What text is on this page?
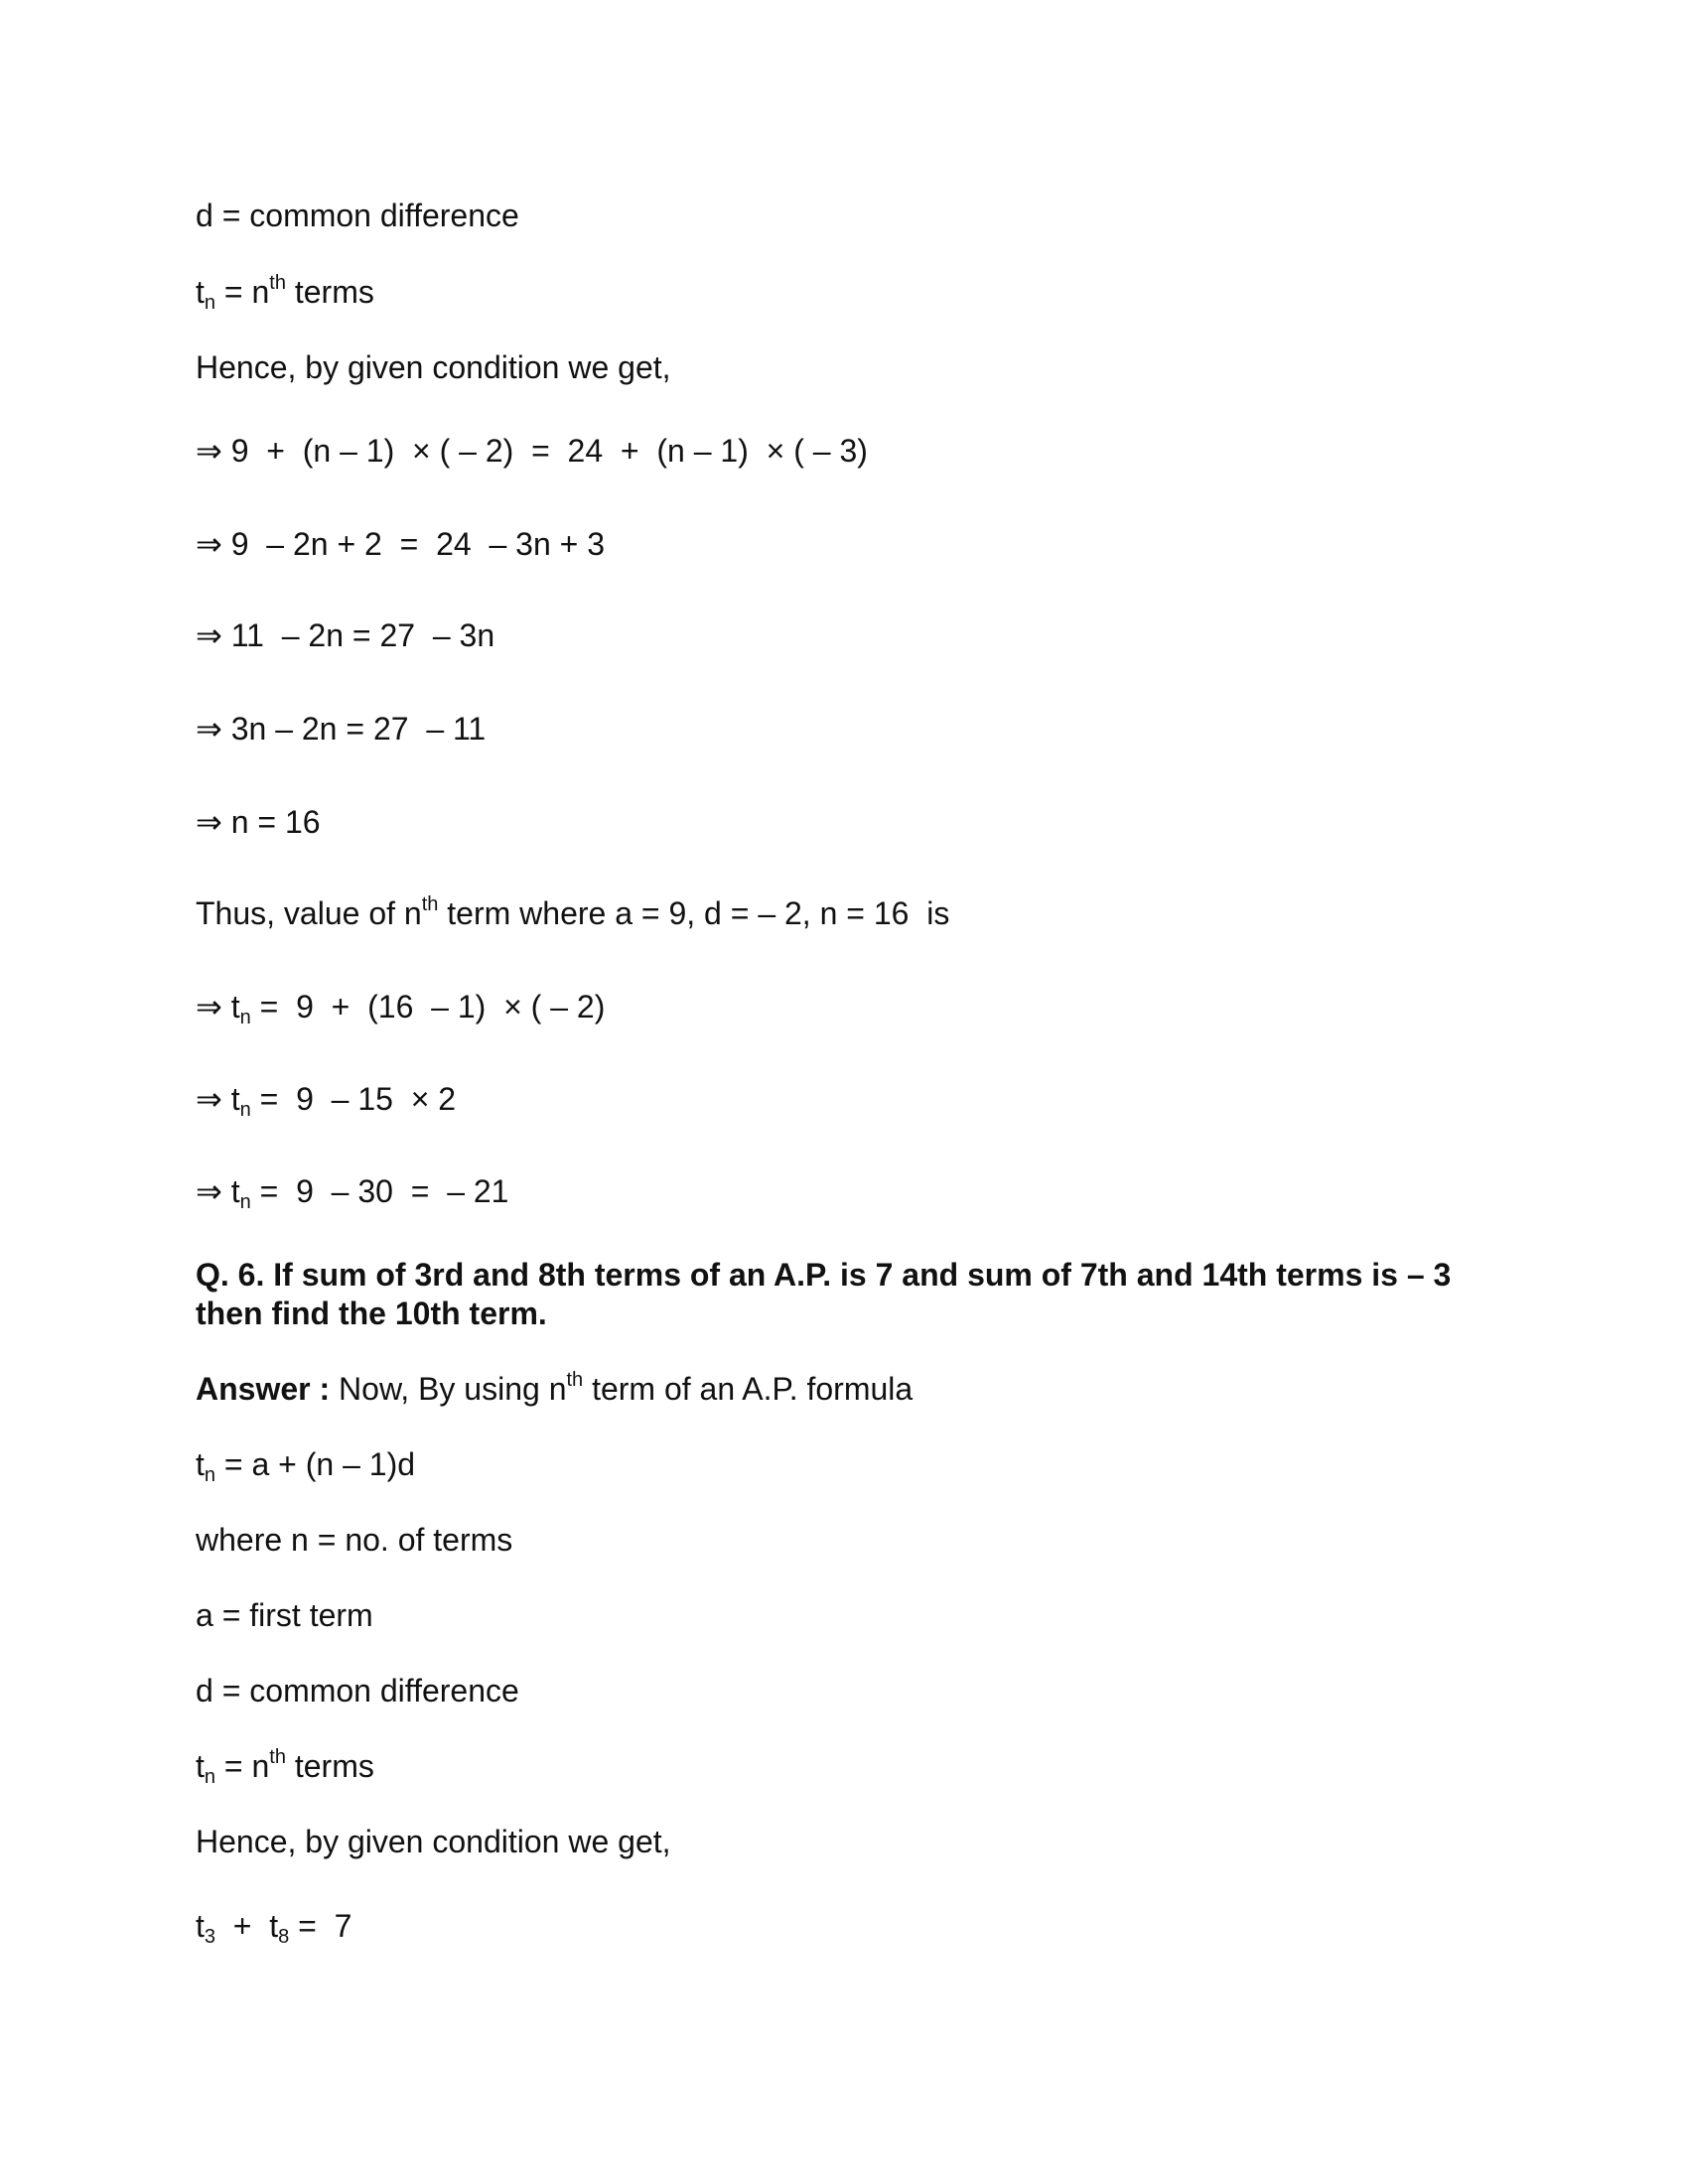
d = common difference
$t_n = n^{th}$ terms
Hence, by given condition we get,
⇒ 9  +  (n – 1)  × ( – 2)  =  24  +  (n – 1)  × ( – 3)
⇒ 9  – 2n + 2  =  24  – 3n + 3
⇒ 11  – 2n = 27  – 3n
⇒ 3n – 2n = 27  – 11
⇒ n = 16
Thus, value of $n^{th}$ term where a = 9, d = – 2, n = 16  is
⇒ $t_n = 9 + (16 - 1)$  × ( – 2)
⇒ $t_n = 9 - 15 \times 2$
⇒ $t_n = 9 - 30$  =  – 21
Q. 6. If sum of 3rd and 8th terms of an A.P. is 7 and sum of 7th and 14th terms is – 3 then find the 10th term.
Answer : Now, By using $n^{th}$ term of an A.P. formula
$t_n = a + (n - 1)d$
where n = no. of terms
a = first term
d = common difference
$t_n = n^{th}$ terms
Hence, by given condition we get,
$t_3 + t_8 = 7$
